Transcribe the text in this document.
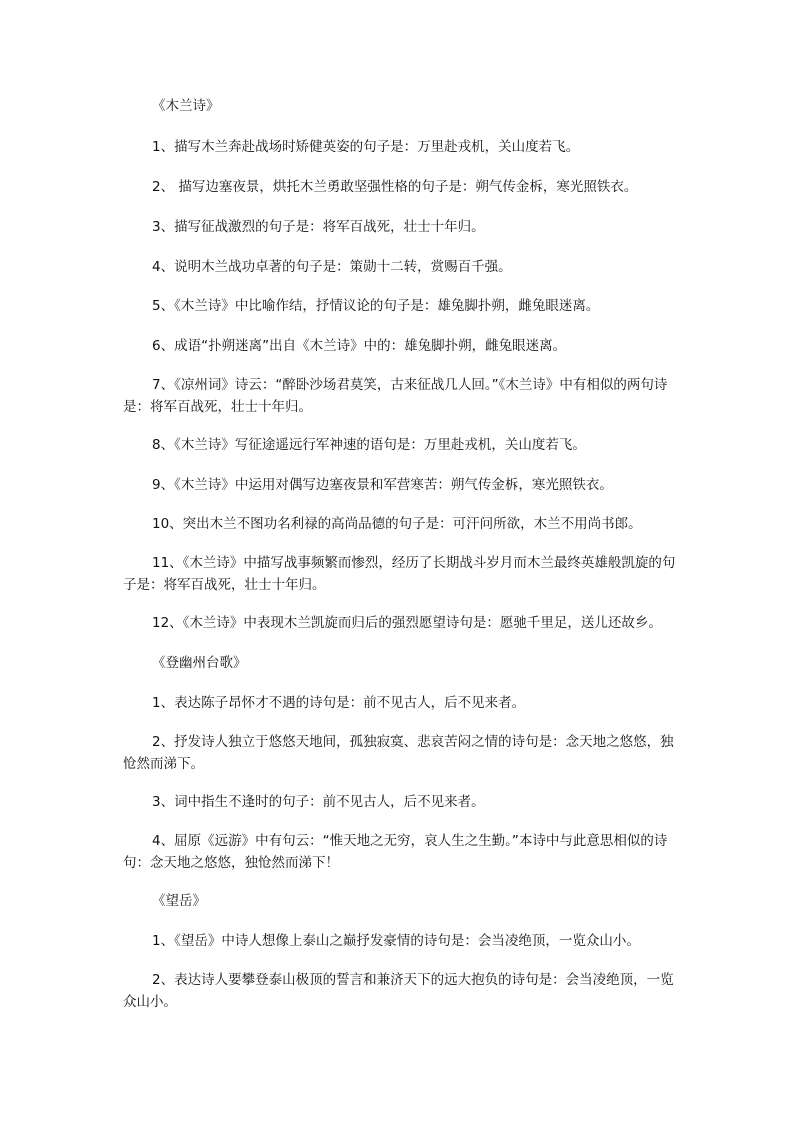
《木兰诗》
1、描写木兰奔赴战场时矫健英姿的句子是：万里赴戎机，关山度若飞。
2、 描写边塞夜景，烘托木兰勇敢坚强性格的句子是：朔气传金柝，寒光照铁衣。
3、描写征战激烈的句子是：将军百战死，壮士十年归。
4、说明木兰战功卓著的句子是：策勋十二转，赏赐百千强。
5、《木兰诗》中比喻作结，抒情议论的句子是：雄兔脚扑朔，雌兔眼迷离。
6、成语“扑朔迷离”出自《木兰诗》中的：雄兔脚扑朔，雌兔眼迷离。
7、《凉州词》诗云：“醉卧沙场君莫笑，古来征战几人回。”《木兰诗》中有相似的两句诗是：将军百战死，壮士十年归。
8、《木兰诗》写征途遥远行军神速的语句是：万里赴戎机，关山度若飞。
9、《木兰诗》中运用对偶写边塞夜景和军营寒苦：朔气传金柝，寒光照铁衣。
10、突出木兰不图功名利禄的高尚品德的句子是：可汗问所欲，木兰不用尚书郎。
11、《木兰诗》中描写战事频繁而惨烈，经历了长期战斗岁月而木兰最终英雄般凯旋的句子是：将军百战死，壮士十年归。
12、《木兰诗》中表现木兰凯旋而归后的强烈愿望诗句是：愿驰千里足，送儿还故乡。
《登幽州台歌》
1、表达陈子昂怀才不遇的诗句是：前不见古人，后不见来者。
2、抒发诗人独立于悠悠天地间，孤独寂寞、悲哀苦闷之情的诗句是：念天地之悠悠，独怆然而涕下。
3、词中指生不逢时的句子：前不见古人，后不见来者。
4、屈原《远游》中有句云：“惟天地之无穷，哀人生之生勤。”本诗中与此意思相似的诗句：念天地之悠悠，独怆然而涕下！
《望岳》
1、《望岳》中诗人想像上泰山之巅抒发豪情的诗句是：会当凌绝顶，一览众山小。
2、表达诗人要攀登泰山极顶的誓言和兼济天下的远大抱负的诗句是：会当凌绝顶，一览众山小。
